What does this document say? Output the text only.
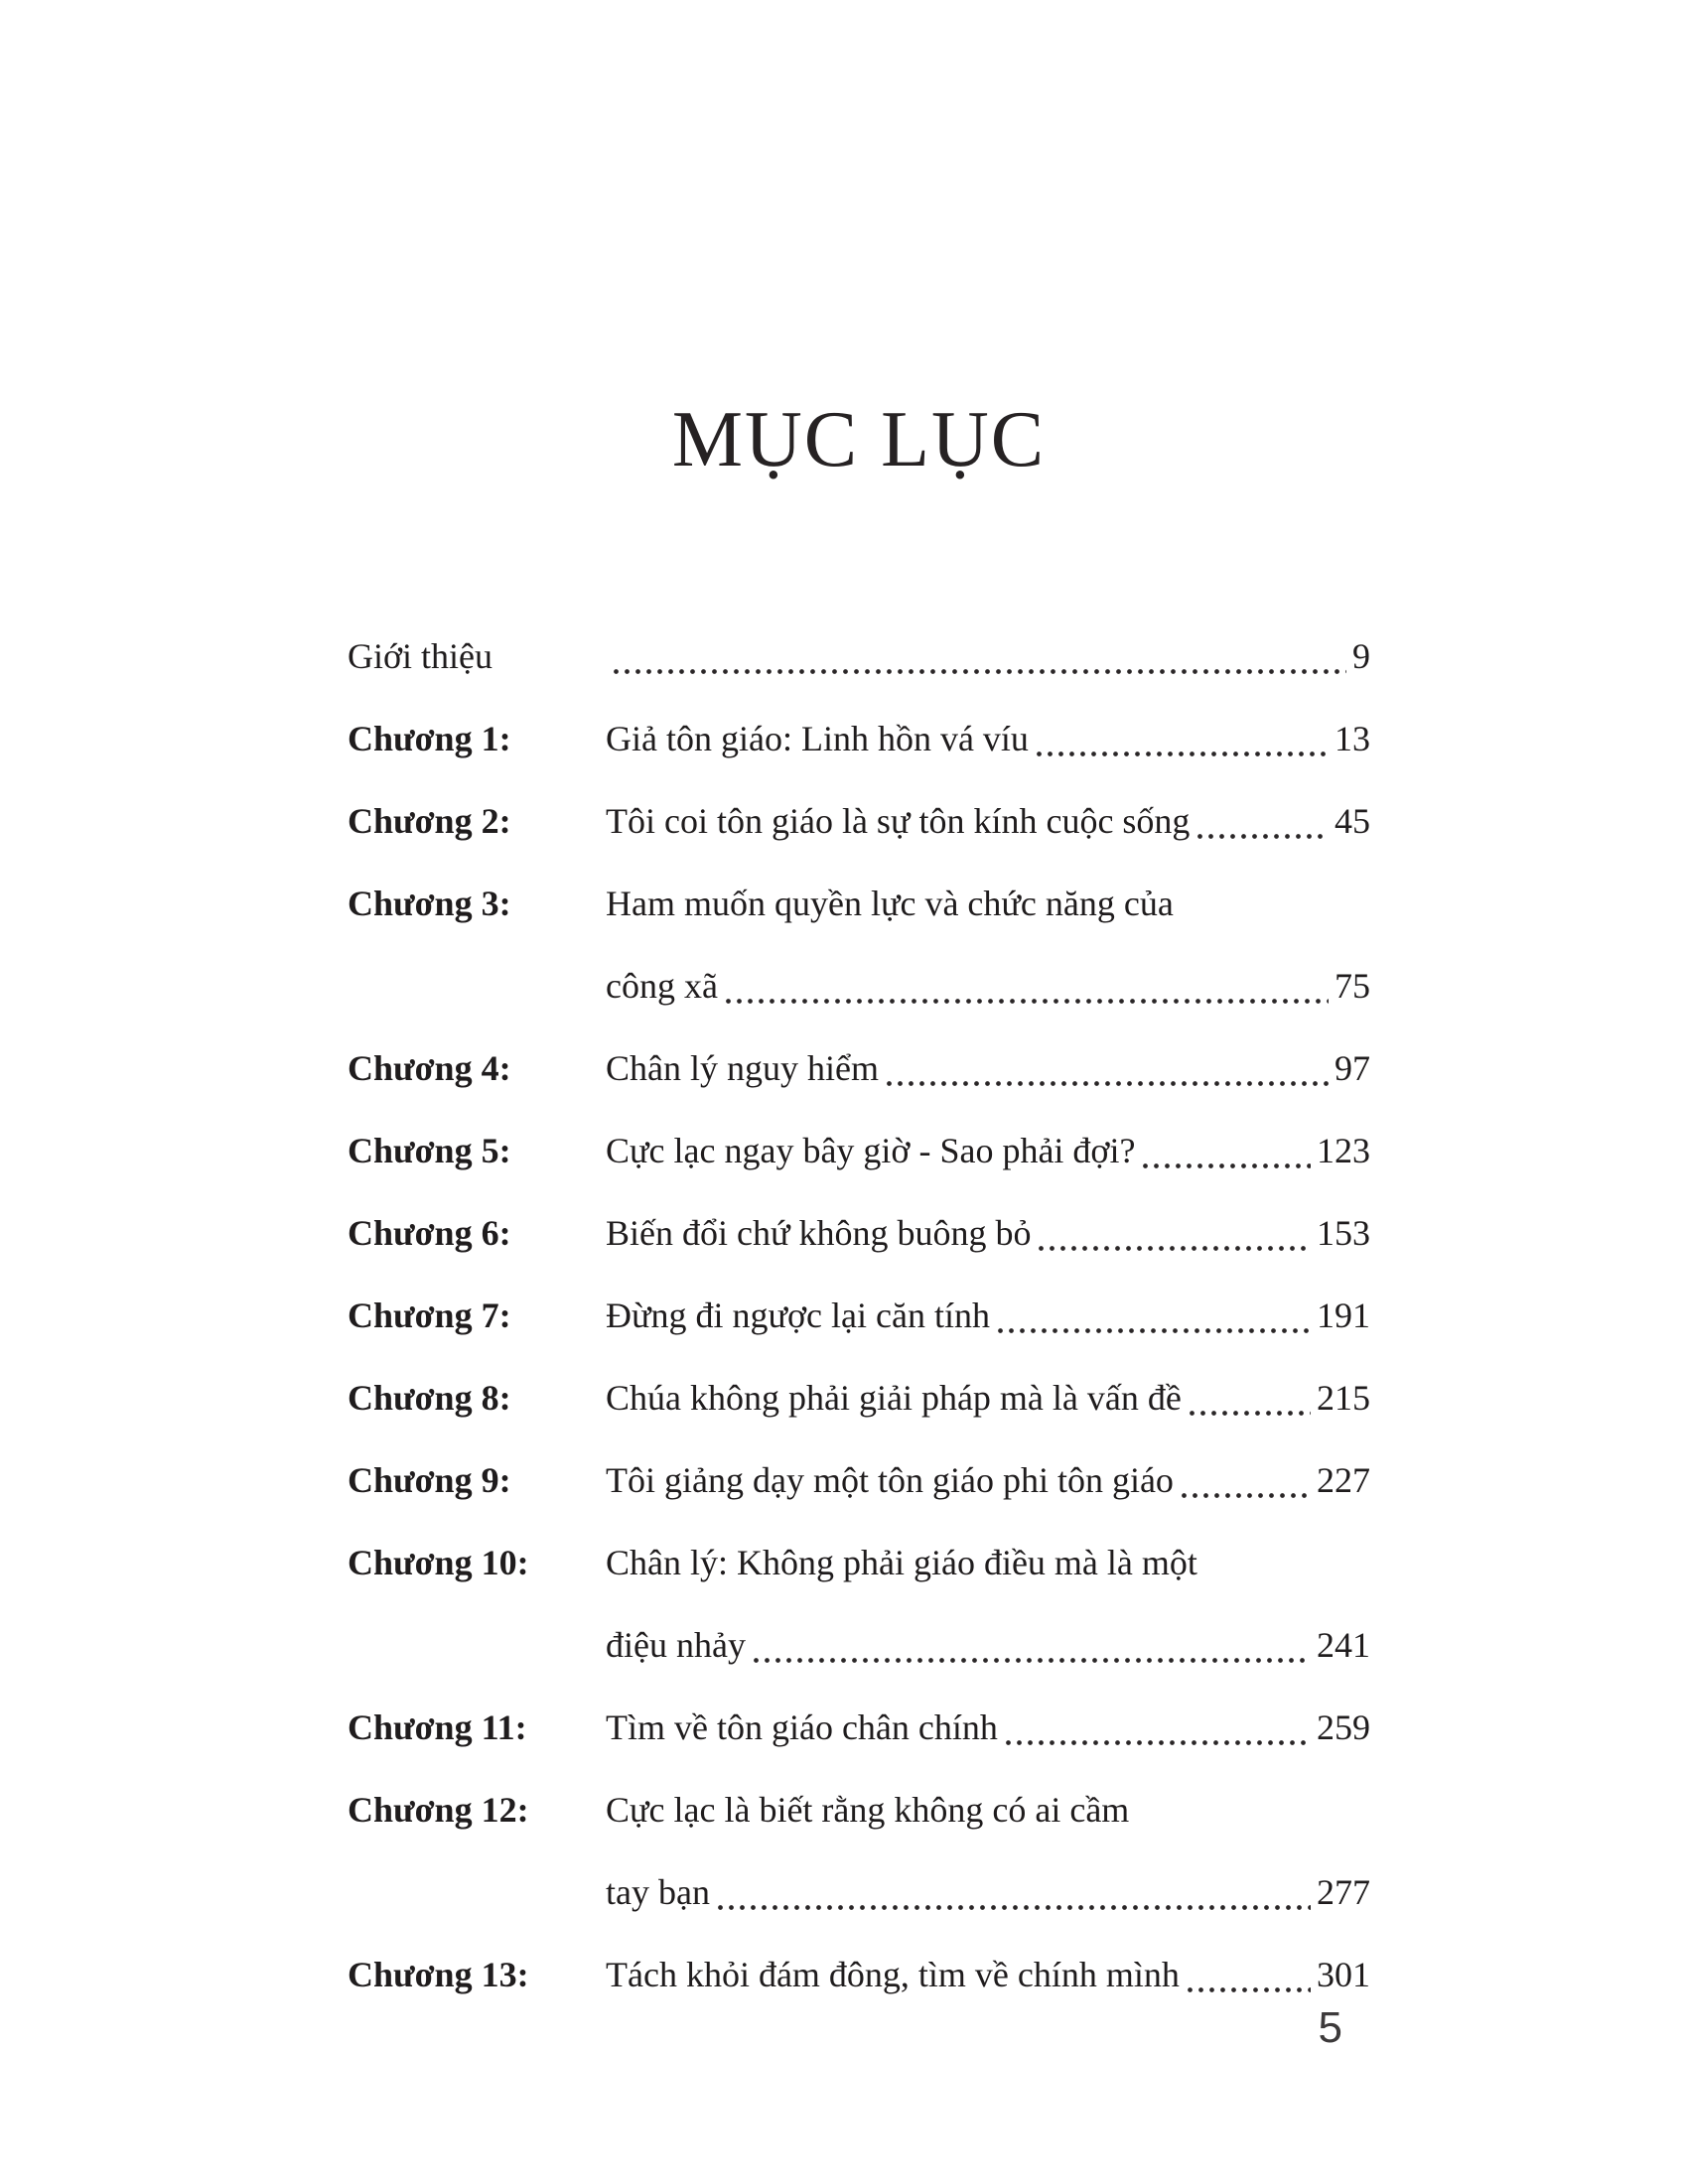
MỤC LỤC
Giới thiệu	9
Chương 1:	Giả tôn giáo: Linh hồn vá víu	13
Chương 2:	Tôi coi tôn giáo là sự tôn kính cuộc sống	45
Chương 3:	Ham muốn quyền lực và chức năng của
công xã	75
Chương 4:	Chân lý nguy hiểm	97
Chương 5:	Cực lạc ngay bây giờ - Sao phải đợi?	123
Chương 6:	Biến đổi chứ không buông bỏ	153
Chương 7:	Đừng đi ngược lại căn tính	191
Chương 8:	Chúa không phải giải pháp mà là vấn đề	215
Chương 9:	Tôi giảng dạy một tôn giáo phi tôn giáo	227
Chương 10:	Chân lý: Không phải giáo điều mà là một
điệu nhảy	241
Chương 11:	Tìm về tôn giáo chân chính	259
Chương 12:	Cực lạc là biết rằng không có ai cầm
tay bạn	277
Chương 13:	Tách khỏi đám đông, tìm về chính mình	301
5
